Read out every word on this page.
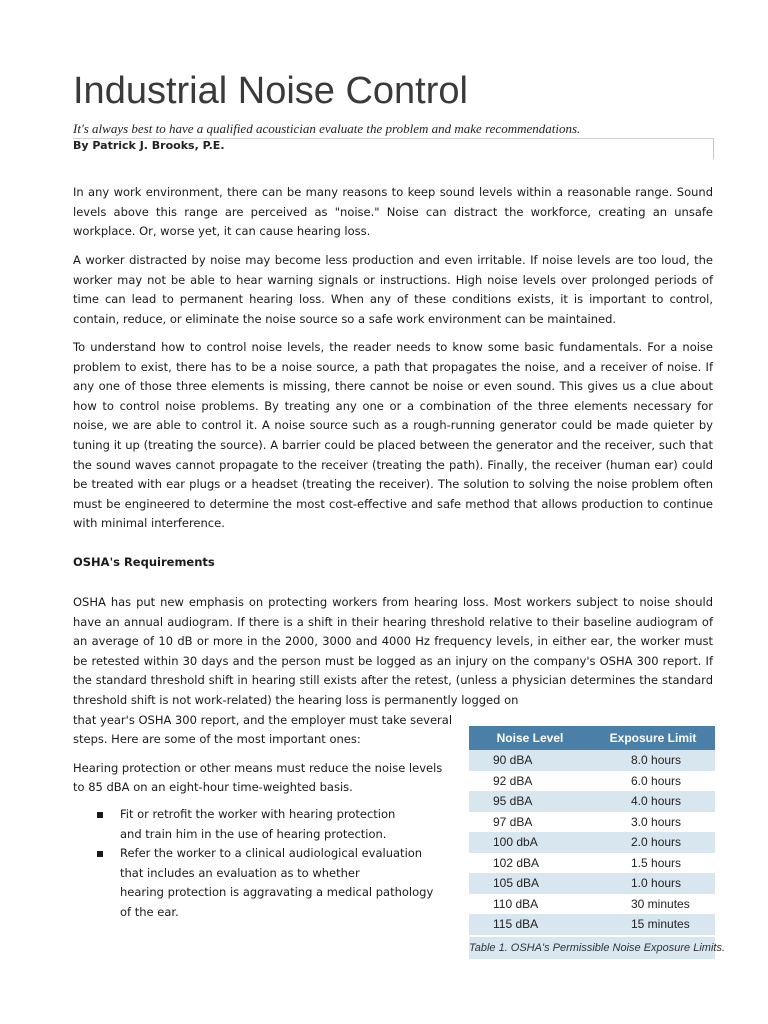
Industrial Noise Control
It's always best to have a qualified acoustician evaluate the problem and make recommendations.
By Patrick J. Brooks, P.E.

In any work environment, there can be many reasons to keep sound levels within a reasonable range. Sound levels above this range are perceived as "noise." Noise can distract the workforce, creating an unsafe workplace. Or, worse yet, it can cause hearing loss.

A worker distracted by noise may become less production and even irritable. If noise levels are too loud, the worker may not be able to hear warning signals or instructions. High noise levels over prolonged periods of time can lead to permanent hearing loss. When any of these conditions exists, it is important to control, contain, reduce, or eliminate the noise source so a safe work environment can be maintained.

To understand how to control noise levels, the reader needs to know some basic fundamentals. For a noise problem to exist, there has to be a noise source, a path that propagates the noise, and a receiver of noise. If any one of those three elements is missing, there cannot be noise or even sound. This gives us a clue about how to control noise problems. By treating any one or a combination of the three elements necessary for noise, we are able to control it. A noise source such as a rough-running generator could be made quieter by tuning it up (treating the source). A barrier could be placed between the generator and the receiver, such that the sound waves cannot propagate to the receiver (treating the path). Finally, the receiver (human ear) could be treated with ear plugs or a headset (treating the receiver). The solution to solving the noise problem often must be engineered to determine the most cost-effective and safe method that allows production to continue with minimal interference.

OSHA's Requirements

OSHA has put new emphasis on protecting workers from hearing loss. Most workers subject to noise should have an annual audiogram. If there is a shift in their hearing threshold relative to their baseline audiogram of an average of 10 dB or more in the 2000, 3000 and 4000 Hz frequency levels, in either ear, the worker must be retested within 30 days and the person must be logged as an injury on the company's OSHA 300 report. If the standard threshold shift in hearing still exists after the retest, (unless a physician determines the standard threshold shift is not work-related) the hearing loss is permanently logged on

that year's OSHA 300 report, and the employer must take several
steps. Here are some of the most important ones:
Hearing protection or other means must reduce the noise levels
to 85 dBA on an eight-hour time-weighted basis.
Fit or retrofit the worker with hearing protection
and train him in the use of hearing protection.
Refer the worker to a clinical audiological evaluation
that includes an evaluation as to whether
hearing protection is aggravating a medical pathology
of the ear.
Noise Level	Exposure Limit
90 dBA	8.0 hours
92 dBA	6.0 hours
95 dBA	4.0 hours
97 dBA	3.0 hours
100 dbA	2.0 hours
102 dBA	1.5 hours
105 dBA	1.0 hours
110 dBA	30 minutes
115 dBA	15 minutes
Table 1. OSHA's Permissible Noise Exposure Limits.
